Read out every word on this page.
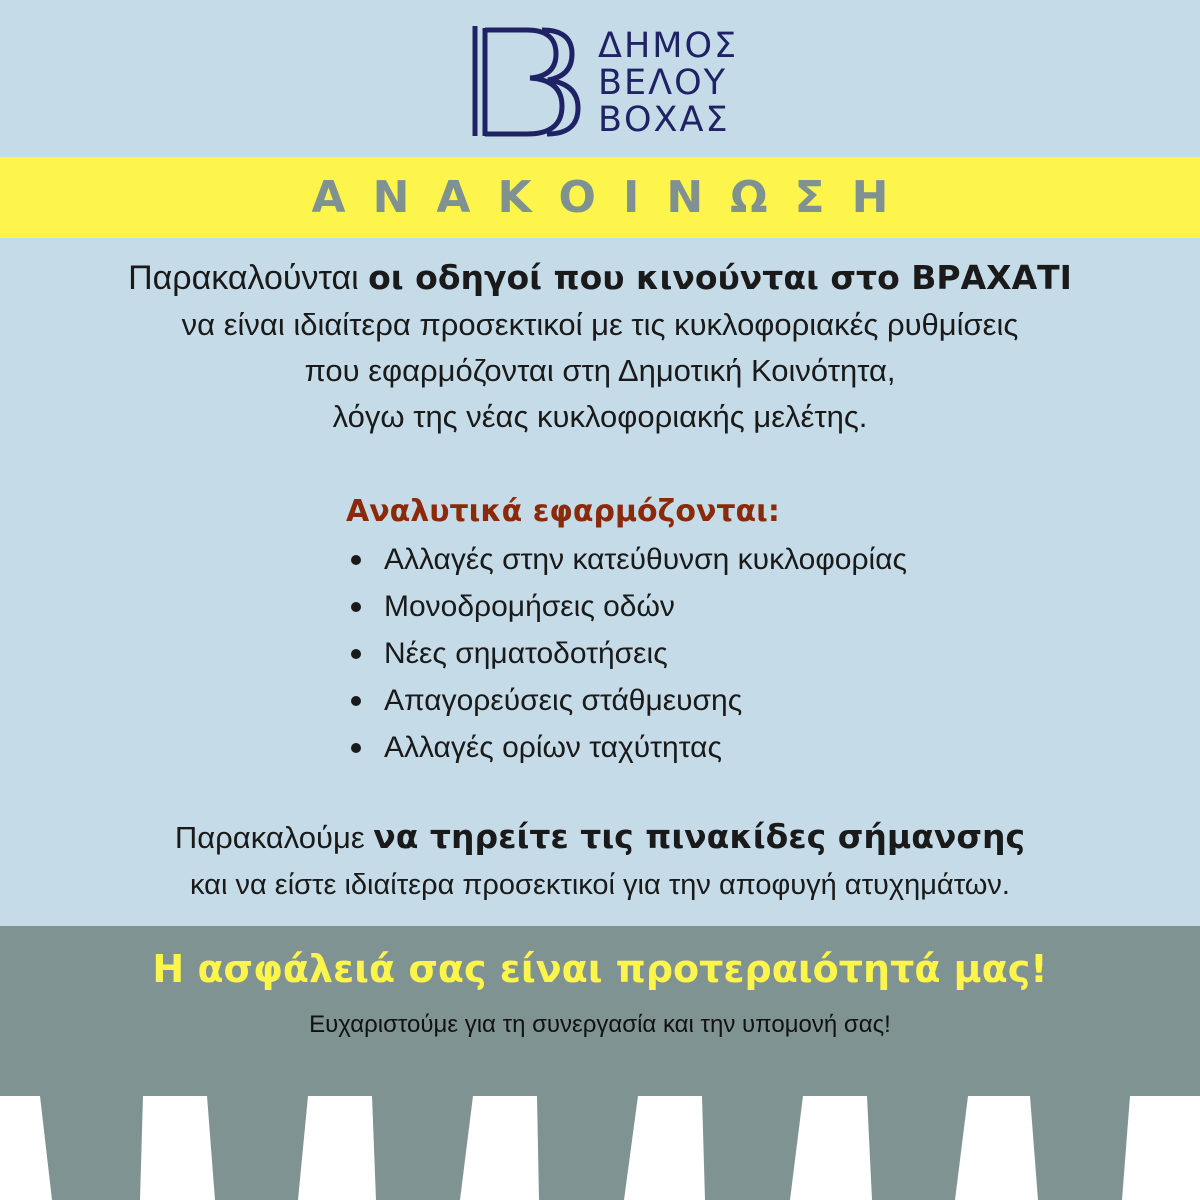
ΔΗΜΟΣ
ΒΕΛΟΥ
ΒΟΧΑΣ
ΑΝΑΚΟΙΝΩΣΗ
Παρακαλούνται οι οδηγοί που κινούνται στο ΒΡΑΧΑΤΙ
να είναι ιδιαίτερα προσεκτικοί με τις κυκλοφοριακές ρυθμίσεις
που εφαρμόζονται στη Δημοτική Κοινότητα,
λόγω της νέας κυκλοφοριακής μελέτης.
Αναλυτικά εφαρμόζονται:
Αλλαγές στην κατεύθυνση κυκλοφορίας
Μονοδρομήσεις οδών
Νέες σηματοδοτήσεις
Απαγορεύσεις στάθμευσης
Αλλαγές ορίων ταχύτητας
Παρακαλούμε να τηρείτε τις πινακίδες σήμανσης
και να είστε ιδιαίτερα προσεκτικοί για την αποφυγή ατυχημάτων.
Η ασφάλειά σας είναι προτεραιότητά μας!
Ευχαριστούμε για τη συνεργασία και την υπομονή σας!
